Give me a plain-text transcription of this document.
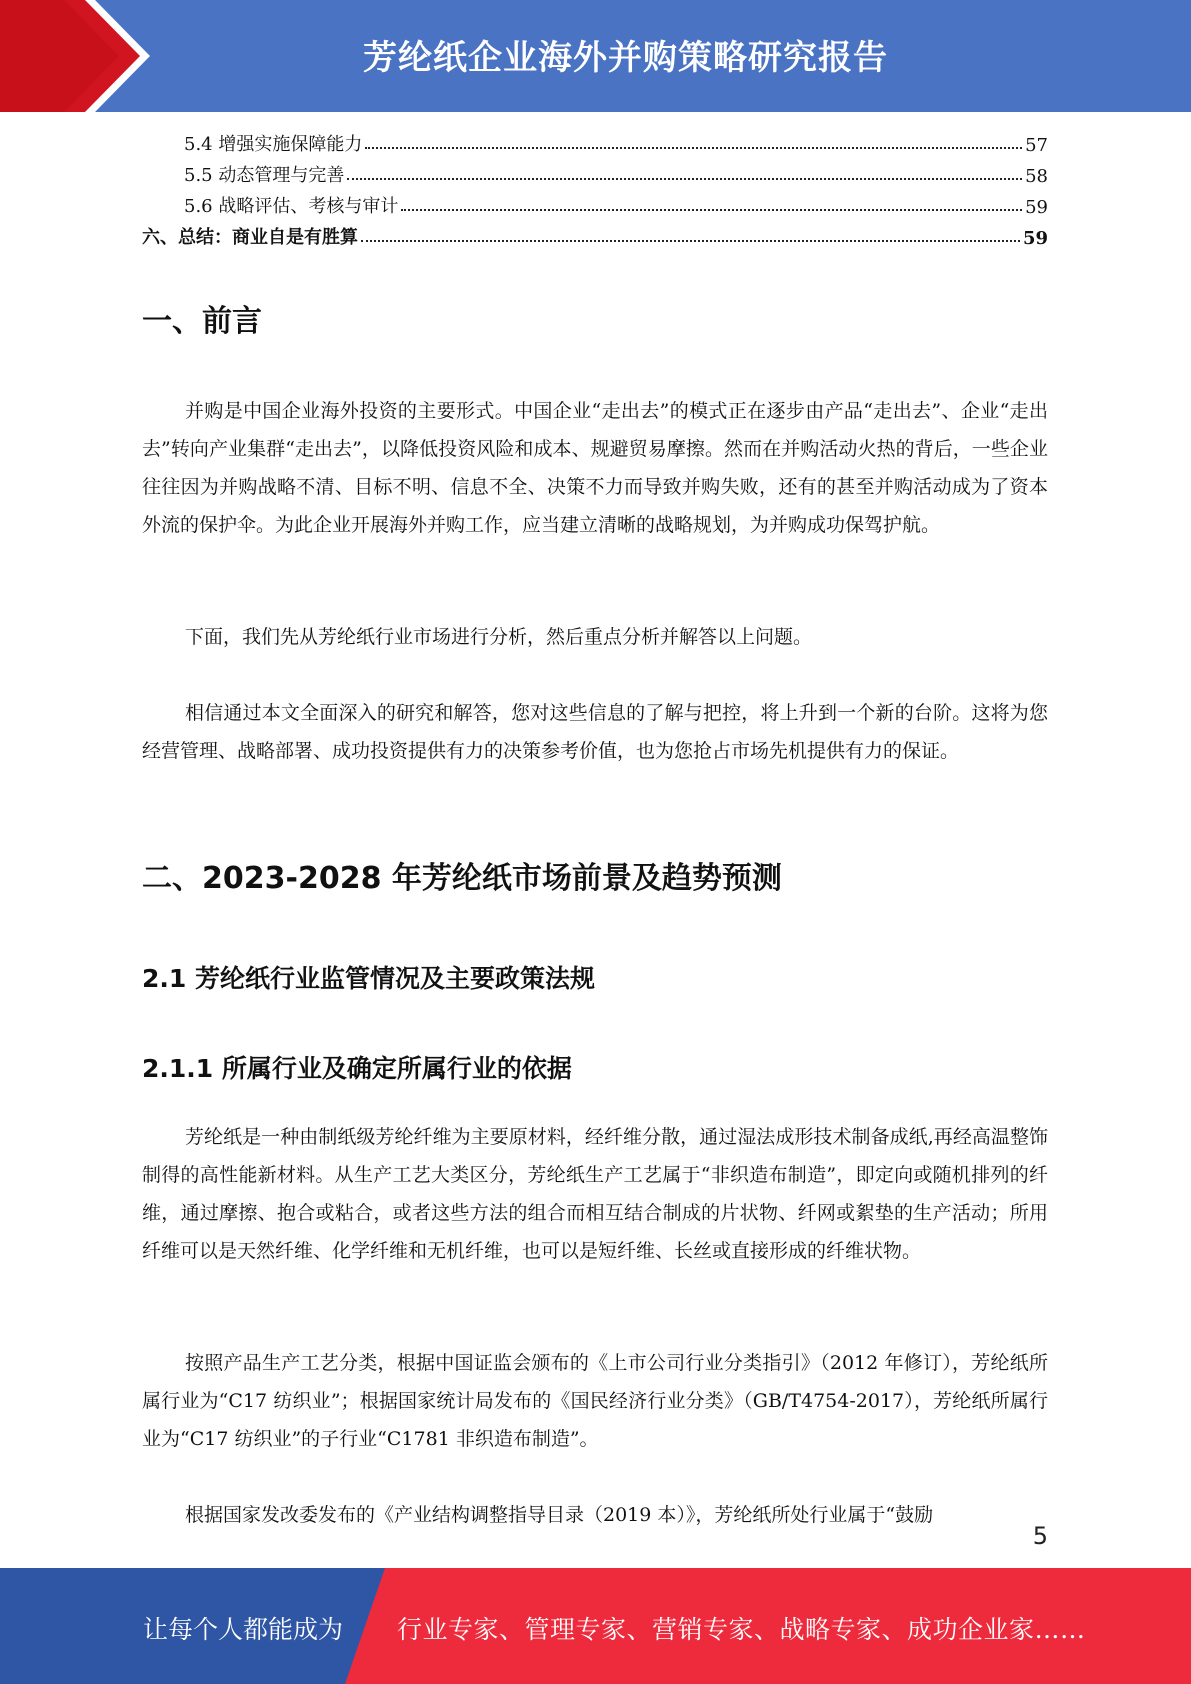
芳纶纸企业海外并购策略研究报告
5.4 增强实施保障能力	57
5.5 动态管理与完善	58
5.6 战略评估、考核与审计	59
六、总结：商业自是有胜算	59
一、前言

并购是中国企业海外投资的主要形式。中国企业“走出去”的模式正在逐步由产品“走出去”、企业“走出去”转向产业集群“走出去”，以降低投资风险和成本、规避贸易摩擦。然而在并购活动火热的背后，一些企业往往因为并购战略不清、目标不明、信息不全、决策不力而导致并购失败，还有的甚至并购活动成为了资本外流的保护伞。为此企业开展海外并购工作，应当建立清晰的战略规划，为并购成功保驾护航。

下面，我们先从芳纶纸行业市场进行分析，然后重点分析并解答以上问题。

相信通过本文全面深入的研究和解答，您对这些信息的了解与把控，将上升到一个新的台阶。这将为您经营管理、战略部署、成功投资提供有力的决策参考价值，也为您抢占市场先机提供有力的保证。

二、2023-2028 年芳纶纸市场前景及趋势预测
2.1 芳纶纸行业监管情况及主要政策法规
2.1.1 所属行业及确定所属行业的依据

芳纶纸是一种由制纸级芳纶纤维为主要原材料，经纤维分散，通过湿法成形技术制备成纸,再经高温整饰制得的高性能新材料。从生产工艺大类区分，芳纶纸生产工艺属于“非织造布制造”，即定向或随机排列的纤维，通过摩擦、抱合或粘合，或者这些方法的组合而相互结合制成的片状物、纤网或絮垫的生产活动；所用纤维可以是天然纤维、化学纤维和无机纤维，也可以是短纤维、长丝或直接形成的纤维状物。

按照产品生产工艺分类，根据中国证监会颁布的《上市公司行业分类指引》（2012 年修订），芳纶纸所属行业为“C17 纺织业”；根据国家统计局发布的《国民经济行业分类》（GB/T4754-2017），芳纶纸所属行业为“C17 纺织业”的子行业“C1781 非织造布制造”。

根据国家发改委发布的《产业结构调整指导目录（2019 本）》，芳纶纸所处行业属于“鼓励

5
让每个人都能成为 行业专家、管理专家、营销专家、战略专家、成功企业家……
